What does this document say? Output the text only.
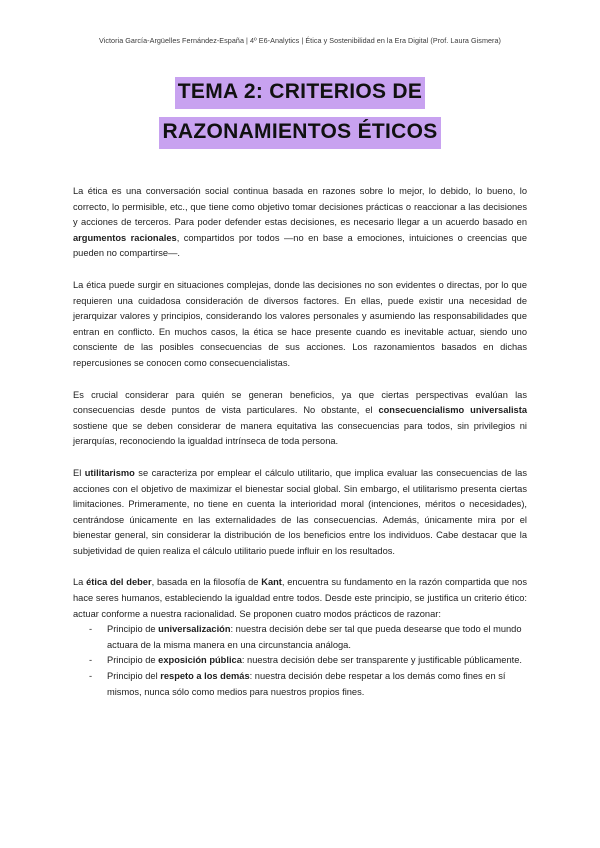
Victoria García-Argüelles Fernández-España | 4º E6-Analytics | Ética y Sostenibilidad en la Era Digital (Prof. Laura Gismera)
TEMA 2: CRITERIOS DE
RAZONAMIENTOS ÉTICOS

La ética es una conversación social continua basada en razones sobre lo mejor, lo debido, lo bueno, lo correcto, lo permisible, etc., que tiene como objetivo tomar decisiones prácticas o reaccionar a las decisiones y acciones de terceros. Para poder defender estas decisiones, es necesario llegar a un acuerdo basado en argumentos racionales, compartidos por todos —no en base a emociones, intuiciones o creencias que pueden no compartirse—.

La ética puede surgir en situaciones complejas, donde las decisiones no son evidentes o directas, por lo que requieren una cuidadosa consideración de diversos factores. En ellas, puede existir una necesidad de jerarquizar valores y principios, considerando los valores personales y asumiendo las responsabilidades que entran en conflicto. En muchos casos, la ética se hace presente cuando es inevitable actuar, siendo uno consciente de las posibles consecuencias de sus acciones. Los razonamientos basados en dichas repercusiones se conocen como consecuencialistas.

Es crucial considerar para quién se generan beneficios, ya que ciertas perspectivas evalúan las consecuencias desde puntos de vista particulares. No obstante, el consecuencialismo universalista sostiene que se deben considerar de manera equitativa las consecuencias para todos, sin privilegios ni jerarquías, reconociendo la igualdad intrínseca de toda persona.

El utilitarismo se caracteriza por emplear el cálculo utilitario, que implica evaluar las consecuencias de las acciones con el objetivo de maximizar el bienestar social global. Sin embargo, el utilitarismo presenta ciertas limitaciones. Primeramente, no tiene en cuenta la interioridad moral (intenciones, méritos o necesidades), centrándose únicamente en las externalidades de las consecuencias. Además, únicamente mira por el bienestar general, sin considerar la distribución de los beneficios entre los individuos. Cabe destacar que la subjetividad de quien realiza el cálculo utilitario puede influir en los resultados.

La ética del deber, basada en la filosofía de Kant, encuentra su fundamento en la razón compartida que nos hace seres humanos, estableciendo la igualdad entre todos. Desde este principio, se justifica un criterio ético: actuar conforme a nuestra racionalidad. Se proponen cuatro modos prácticos de razonar:

- Principio de universalización: nuestra decisión debe ser tal que pueda desearse que todo el mundo actuara de la misma manera en una circunstancia análoga.
- Principio de exposición pública: nuestra decisión debe ser transparente y justificable públicamente.
- Principio del respeto a los demás: nuestra decisión debe respetar a los demás como fines en sí mismos, nunca sólo como medios para nuestros propios fines.
